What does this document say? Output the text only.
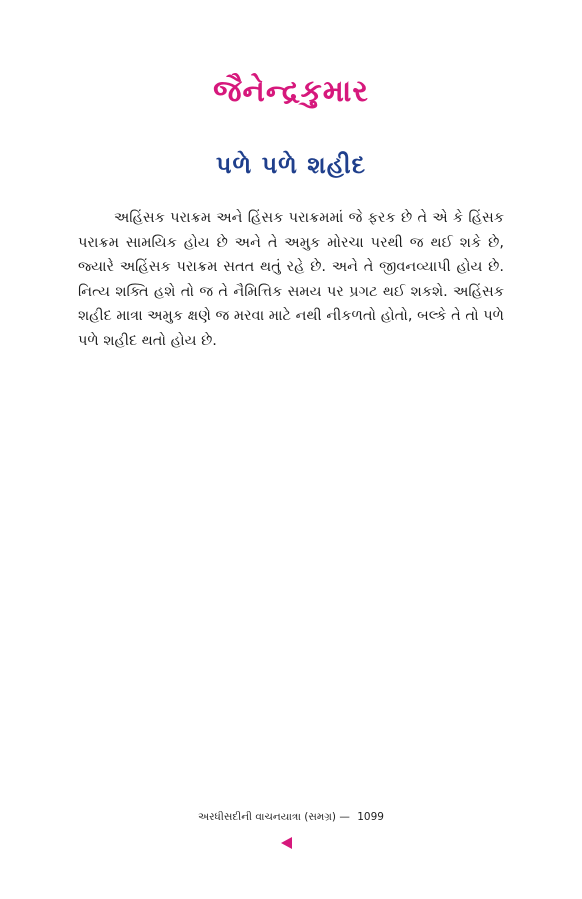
જૈનેન્દ્રકુમાર
પળે પળે શહીદ

અહિંસક પરાક્રમ અને હિંસક પરાક્રમમાં જે ફરક છે તે એ કે હિંસક પરાક્રમ સામયિક હોય છે અને તે અમુક મોરચા પરથી જ થઈ શકે છે, જ્યારે અહિંસક પરાક્રમ સતત થતું રહે છે. અને તે જીવનવ્યાપી હોય છે. નિત્ય શક્તિ હશે તો જ તે નૈમિત્તિક સમય પર પ્રગટ થઈ શકશે. અહિંસક શહીદ માત્રા અમુક ક્ષણે જ મરવા માટે નથી નીકળતો હોતો, બલ્કે તે તો પળે પળે શહીદ થતો હોય છે.

અરધીસદીની વાચનયાત્રા (સમગ્ર) — 1099
